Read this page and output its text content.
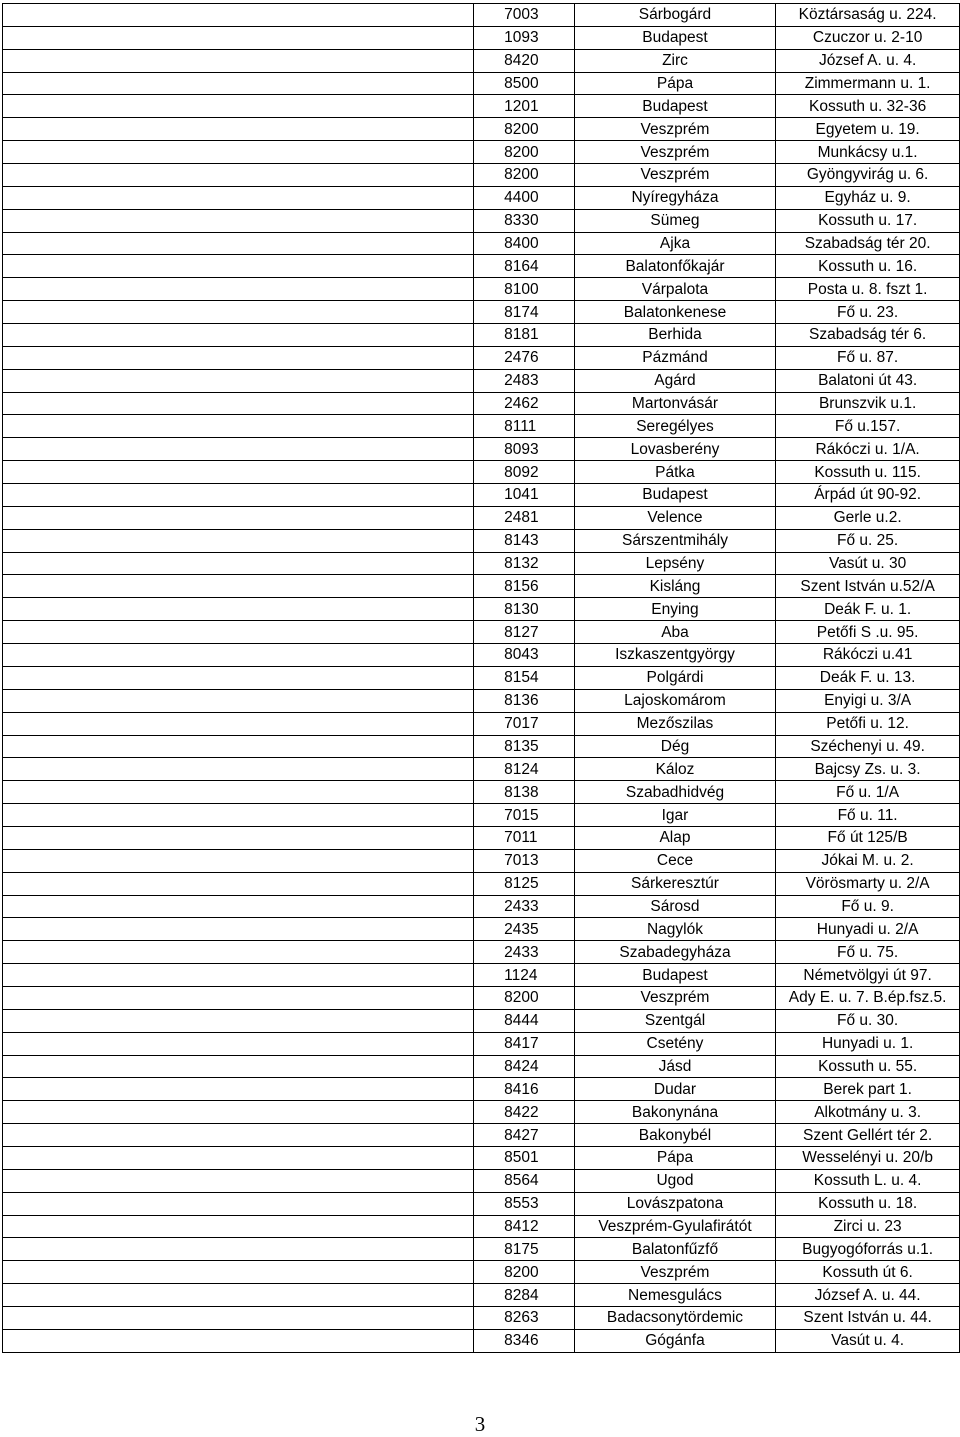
	7003	Sárbogárd	Köztársaság u. 224.

	1093	Budapest	Czuczor u. 2-10

	8420	Zirc	József A. u. 4.

	8500	Pápa	Zimmermann u. 1.

	1201	Budapest	Kossuth u. 32-36

	8200	Veszprém	Egyetem u. 19.

	8200	Veszprém	Munkácsy u.1.

	8200	Veszprém	Gyöngyvirág u. 6.

	4400	Nyíregyháza	Egyház u. 9.

	8330	Sümeg	Kossuth u. 17.

	8400	Ajka	Szabadság tér 20.

	8164	Balatonfőkajár	Kossuth u. 16.

	8100	Várpalota	Posta u. 8. fszt 1.

	8174	Balatonkenese	Fő u. 23.

	8181	Berhida	Szabadság tér 6.

	2476	Pázmánd	Fő u. 87.

	2483	Agárd	Balatoni út 43.

	2462	Martonvásár	Brunszvik u.1.

	8111	Seregélyes	Fő u.157.

	8093	Lovasberény	Rákóczi u. 1/A.

	8092	Pátka	Kossuth u. 115.

	1041	Budapest	Árpád út 90-92.

	2481	Velence	Gerle u.2.

	8143	Sárszentmihály	Fő u. 25.

	8132	Lepsény	Vasút u. 30

	8156	Kisláng	Szent István u.52/A

	8130	Enying	Deák F. u. 1.

	8127	Aba	Petőfi S .u. 95.

	8043	Iszkaszentgyörgy	Rákóczi u.41

	8154	Polgárdi	Deák F. u. 13.

	8136	Lajoskomárom	Enyigi u. 3/A

	7017	Mezőszilas	Petőfi u. 12.

	8135	Dég	Széchenyi u. 49.

	8124	Káloz	Bajcsy Zs. u. 3.

	8138	Szabadhidvég	Fő u. 1/A

	7015	Igar	Fő u. 11.

	7011	Alap	Fő út 125/B

	7013	Cece	Jókai M. u. 2.

	8125	Sárkeresztúr	Vörösmarty u. 2/A

	2433	Sárosd	Fő u. 9.

	2435	Nagylók	Hunyadi u. 2/A

	2433	Szabadegyháza	Fő u. 75.

	1124	Budapest	Németvölgyi út 97.

	8200	Veszprém	Ady E. u. 7. B.ép.fsz.5.

	8444	Szentgál	Fő u. 30.

	8417	Csetény	Hunyadi u. 1.

	8424	Jásd	Kossuth u. 55.

	8416	Dudar	Berek part 1.

	8422	Bakonynána	Alkotmány u. 3.

	8427	Bakonybél	Szent Gellért tér 2.

	8501	Pápa	Wesselényi u. 20/b

	8564	Ugod	Kossuth L. u. 4.

	8553	Lovászpatona	Kossuth u. 18.

	8412	Veszprém-Gyulafirátót	Zirci u. 23

	8175	Balatonfűzfő	Bugyogóforrás u.1.

	8200	Veszprém	Kossuth út 6.

	8284	Nemesgulács	József A. u. 44.

	8263	Badacsonytördemic	Szent István u. 44.

	8346	Gógánfa	Vasút u. 4.
3
